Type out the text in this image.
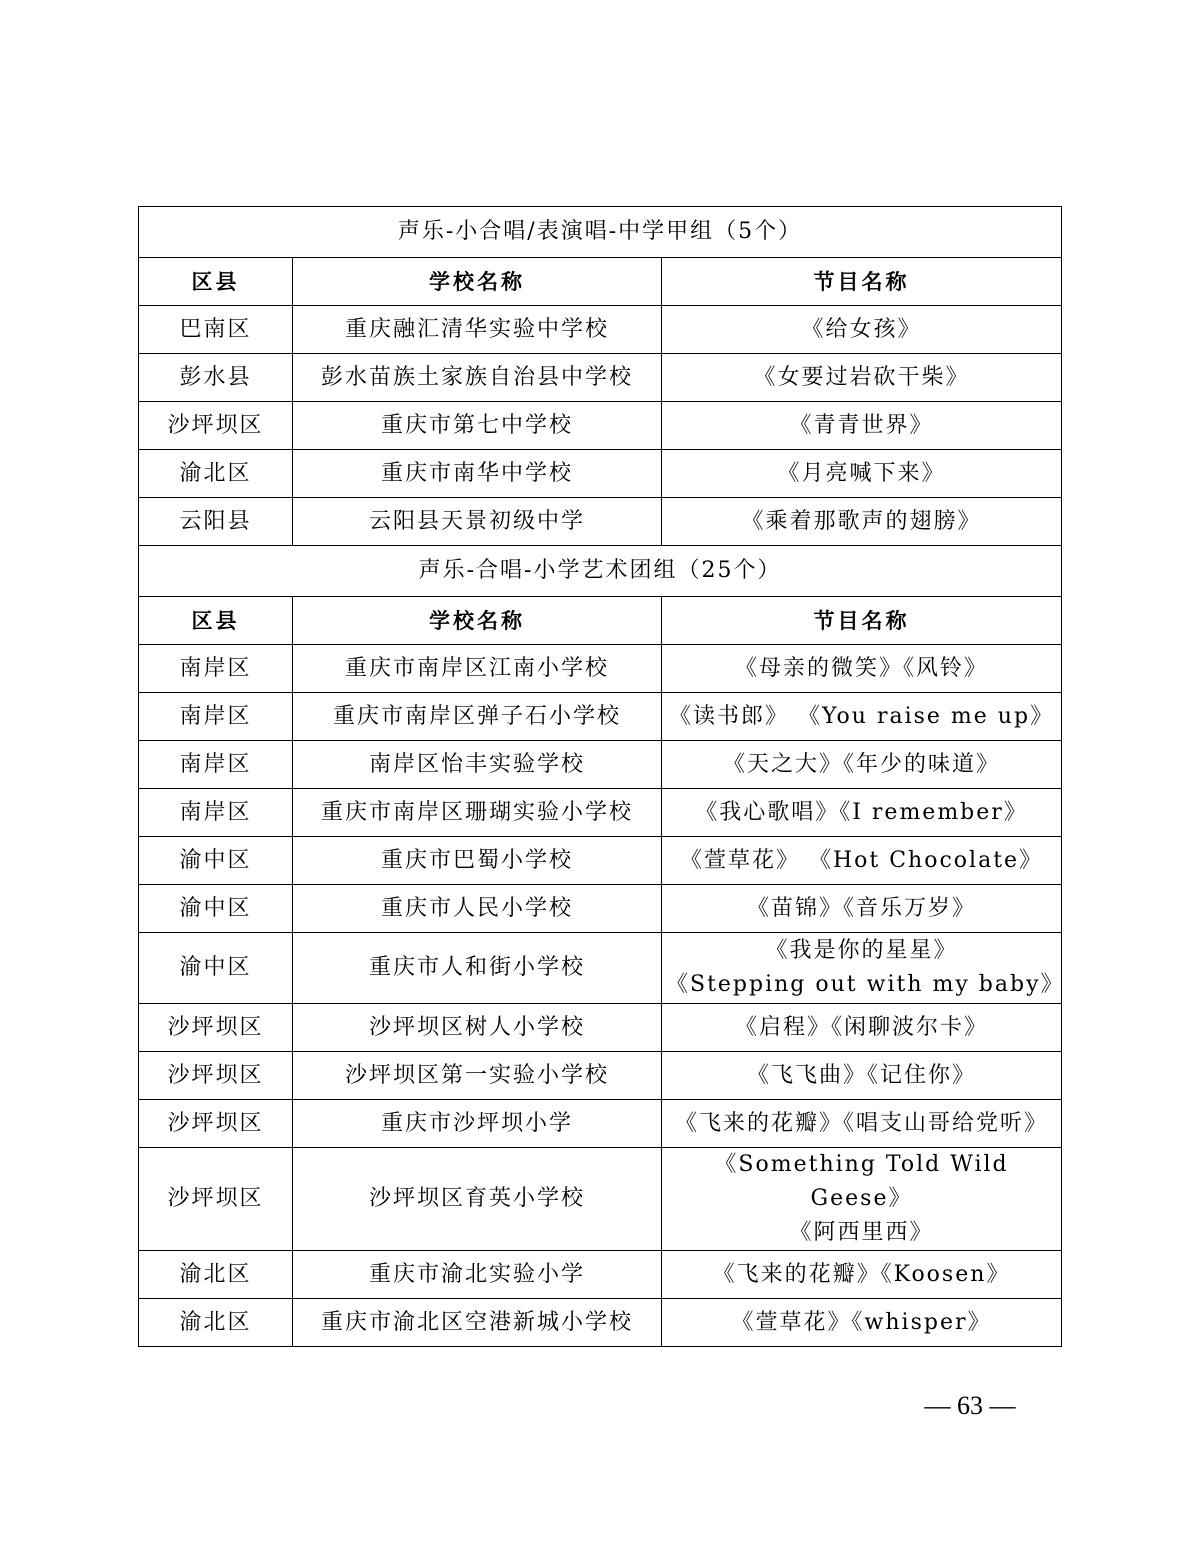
声乐-小合唱/表演唱-中学甲组（5个）		
区县	学校名称	节目名称
巴南区	重庆融汇清华实验中学校	《给女孩》

彭水县	彭水苗族土家族自治县中学校	《女要过岩砍干柴》

沙坪坝区	重庆市第七中学校	《青青世界》

渝北区	重庆市南华中学校	《月亮喊下来》

云阳县	云阳县天景初级中学	《乘着那歌声的翅膀》

声乐-合唱-小学艺术团组（25个）		
区县	学校名称	节目名称
南岸区	重庆市南岸区江南小学校	《母亲的微笑》《风铃》

南岸区	重庆市南岸区弹子石小学校	《读书郎》 《You raise me up》

南岸区	南岸区怡丰实验学校	《天之大》《年少的味道》

南岸区	重庆市南岸区珊瑚实验小学校	《我心歌唱》《I remember》

渝中区	重庆市巴蜀小学校	《萱草花》 《Hot Chocolate》

渝中区	重庆市人民小学校	《苗锦》《音乐万岁》

渝中区	重庆市人和街小学校	《我是你的星星》
《Stepping out with my baby》

沙坪坝区	沙坪坝区树人小学校	《启程》《闲聊波尔卡》

沙坪坝区	沙坪坝区第一实验小学校	《飞飞曲》《记住你》

沙坪坝区	重庆市沙坪坝小学	《飞来的花瓣》《唱支山哥给党听》

沙坪坝区	沙坪坝区育英小学校	《Something Told Wild Geese》
《阿西里西》

渝北区	重庆市渝北实验小学	《飞来的花瓣》《Koosen》

渝北区	重庆市渝北区空港新城小学校	《萱草花》《whisper》
— 63 —
